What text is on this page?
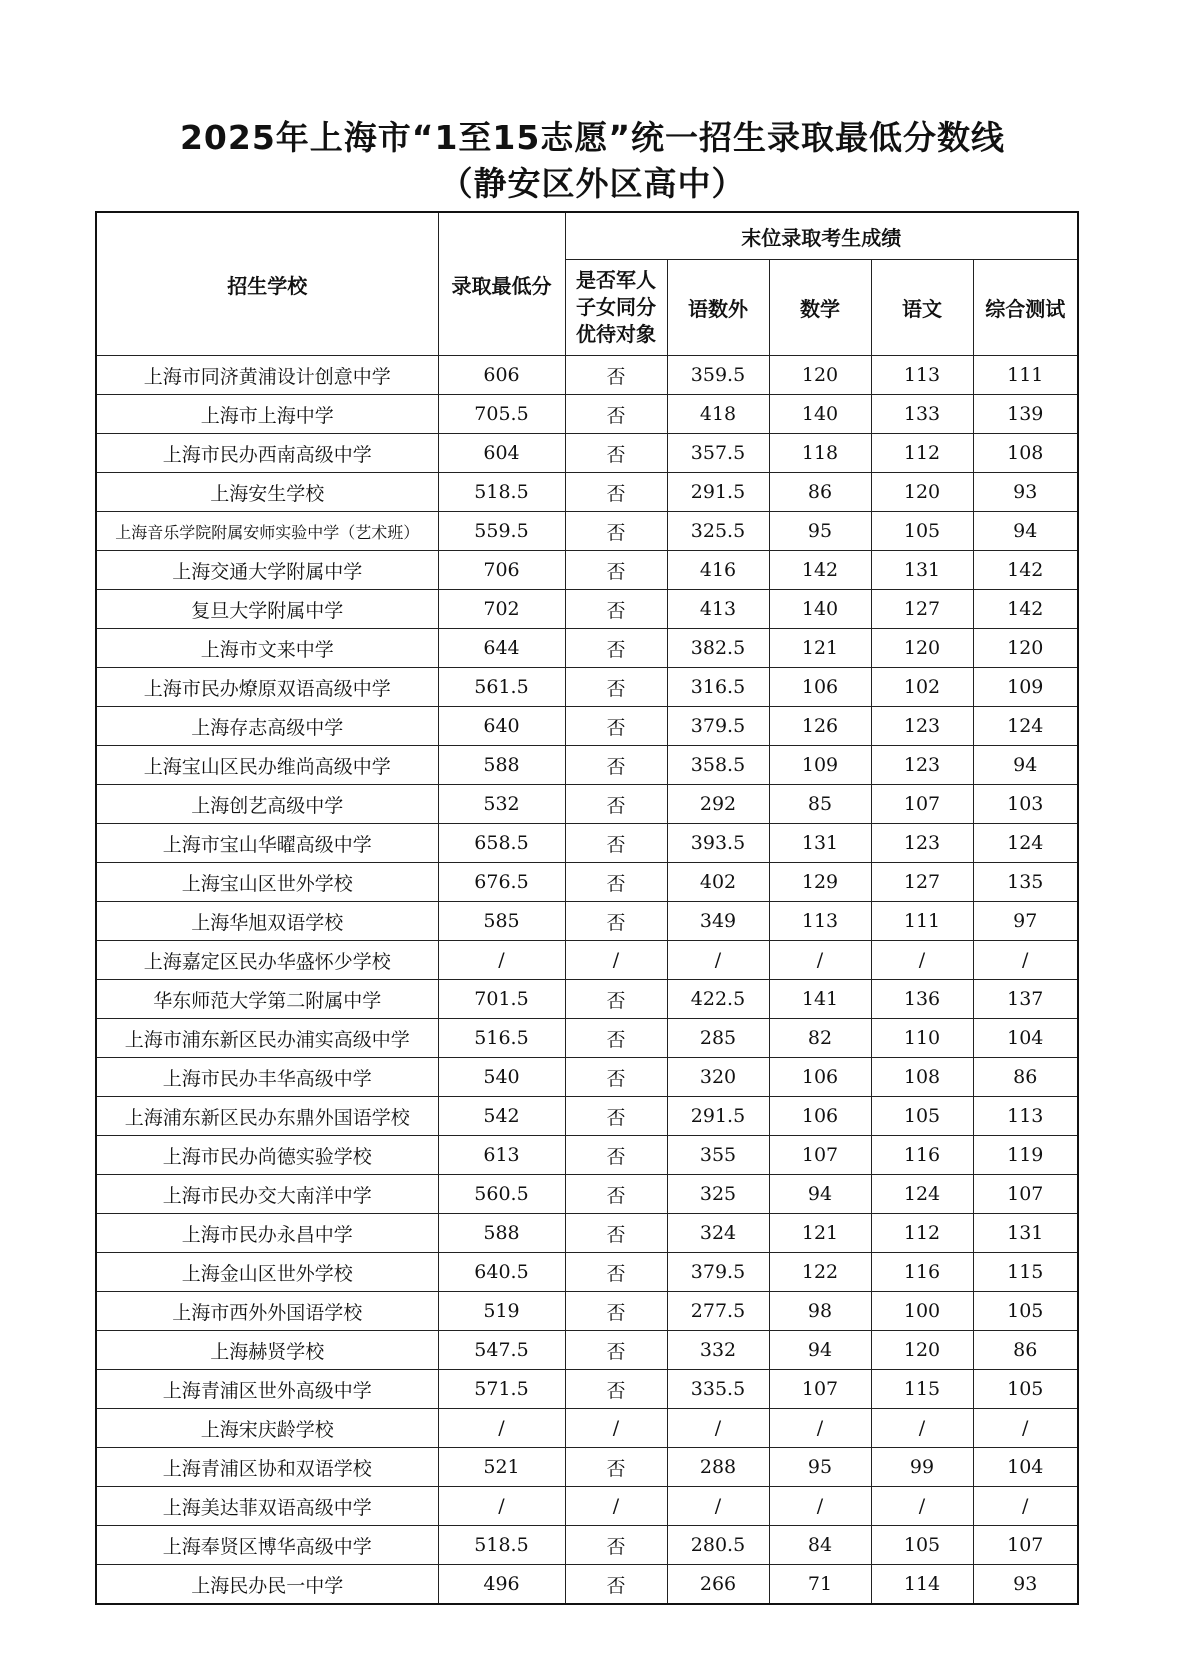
2025年上海市“1至15志愿”统一招生录取最低分数线
（静安区外区高中）
招生学校	录取最低分	末位录取考生成绩				

		是否军人子女同分优待对象	语数外	数学	语文	综合测试
上海市同济黄浦设计创意中学	606	否	359.5	120	113	111
上海市上海中学	705.5	否	418	140	133	139
上海市民办西南高级中学	604	否	357.5	118	112	108
上海安生学校	518.5	否	291.5	86	120	93
上海音乐学院附属安师实验中学（艺术班）	559.5	否	325.5	95	105	94
上海交通大学附属中学	706	否	416	142	131	142
复旦大学附属中学	702	否	413	140	127	142
上海市文来中学	644	否	382.5	121	120	120
上海市民办燎原双语高级中学	561.5	否	316.5	106	102	109
上海存志高级中学	640	否	379.5	126	123	124
上海宝山区民办维尚高级中学	588	否	358.5	109	123	94
上海创艺高级中学	532	否	292	85	107	103
上海市宝山华曜高级中学	658.5	否	393.5	131	123	124
上海宝山区世外学校	676.5	否	402	129	127	135
上海华旭双语学校	585	否	349	113	111	97
上海嘉定区民办华盛怀少学校	/	/	/	/	/	/
华东师范大学第二附属中学	701.5	否	422.5	141	136	137
上海市浦东新区民办浦实高级中学	516.5	否	285	82	110	104
上海市民办丰华高级中学	540	否	320	106	108	86
上海浦东新区民办东鼎外国语学校	542	否	291.5	106	105	113
上海市民办尚德实验学校	613	否	355	107	116	119
上海市民办交大南洋中学	560.5	否	325	94	124	107
上海市民办永昌中学	588	否	324	121	112	131
上海金山区世外学校	640.5	否	379.5	122	116	115
上海市西外外国语学校	519	否	277.5	98	100	105
上海赫贤学校	547.5	否	332	94	120	86
上海青浦区世外高级中学	571.5	否	335.5	107	115	105
上海宋庆龄学校	/	/	/	/	/	/
上海青浦区协和双语学校	521	否	288	95	99	104
上海美达菲双语高级中学	/	/	/	/	/	/
上海奉贤区博华高级中学	518.5	否	280.5	84	105	107
上海民办民一中学	496	否	266	71	114	93
